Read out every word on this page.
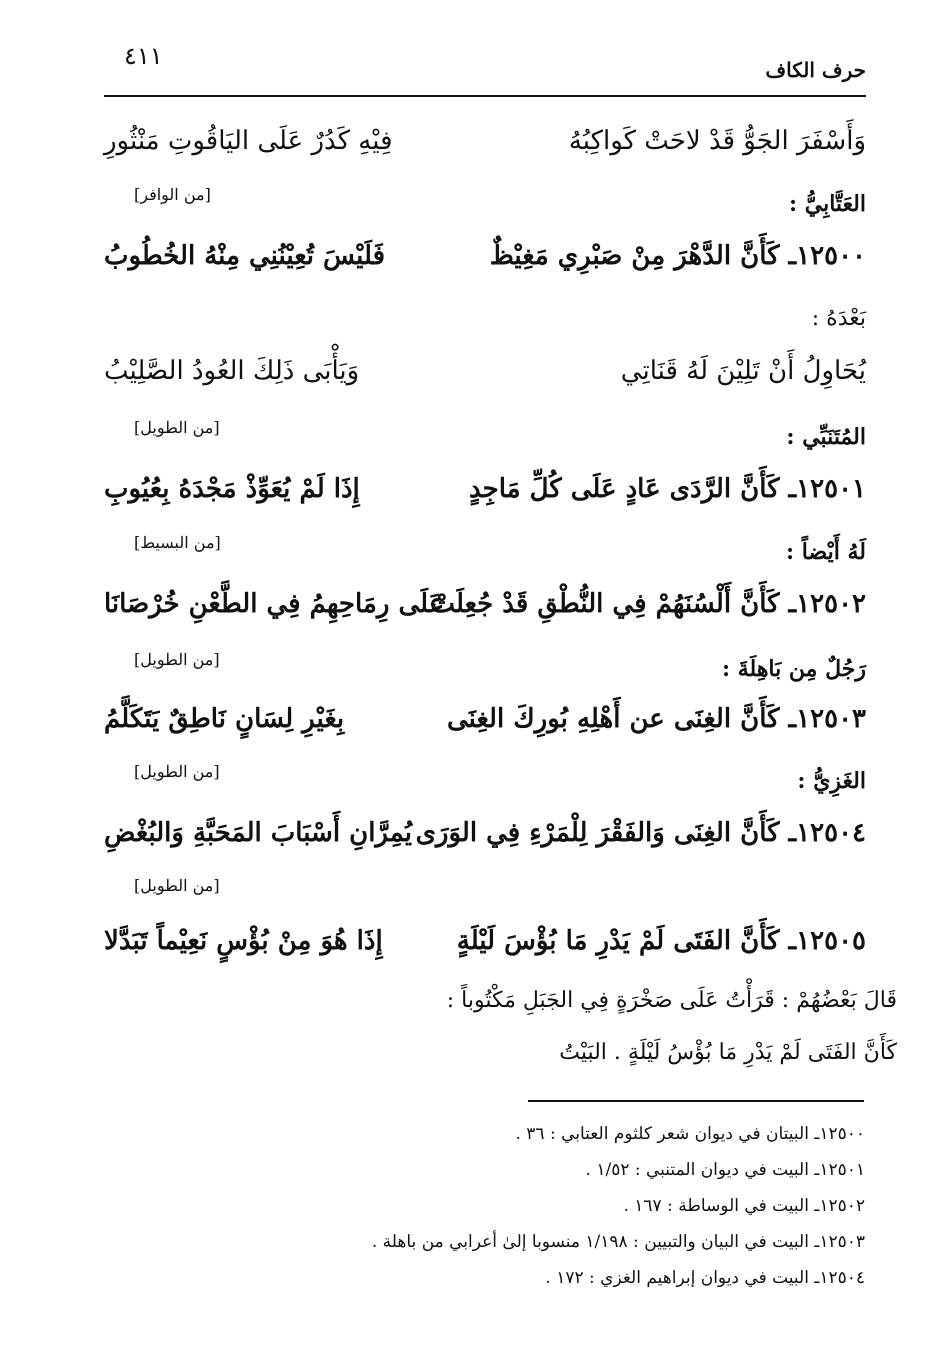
٤١١	حرف الكاف
وَأَسْفَرَ الجَوُّ قَدْ لاحَتْ كَواكِبُهُ
فِيْهِ كَدُرٌ عَلَى اليَاقُوتِ مَنْثُورِ
العَتَّابِيُّ :
[من الوافر]
١٢٥٠٠ـ كَأَنَّ الدَّهْرَ مِنْ صَبْرِي مَغِيْظٌ
فَلَيْسَ تُعِيْنُنِي مِنْهُ الخُطُوبُ
بَعْدَهُ :
يُحَاوِلُ أَنْ تَلِيْنَ لَهُ قَنَاتِي
وَيَأْبَى ذَلِكَ العُودُ الصَّلِيْبُ
المُتَنَبِّي :
[من الطويل]
١٢٥٠١ـ كَأَنَّ الرَّدَى عَادٍ عَلَى كُلِّ مَاجِدٍ
إِذَا لَمْ يُعَوِّذْ مَجْدَهُ بِعُيُوبِ
لَهُ أَيْضاً :
[من البسيط]
١٢٥٠٢ـ كَأَنَّ أَلْسُنَهُمْ فِي النُّطْقِ قَدْ جُعِلَتْ
عَلَى رِمَاحِهِمُ فِي الطَّعْنِ خُرْصَانَا
رَجُلٌ مِن بَاهِلَةَ :
[من الطويل]
١٢٥٠٣ـ كَأَنَّ الغِنَى عن أَهْلِهِ بُورِكَ الغِنَى
بِغَيْرِ لِسَانٍ نَاطِقٌ يَتَكَلَّمُ
الغَزِيُّ :
[من الطويل]
١٢٥٠٤ـ كَأَنَّ الغِنَى وَالفَقْرَ لِلْمَرْءِ فِي الوَرَى
يُمِرَّانِ أَسْبَابَ المَحَبَّةِ وَالبُغْضِ
[من الطويل]
١٢٥٠٥ـ كَأَنَّ الفَتَى لَمْ يَدْرِ مَا بُؤْسَ لَيْلَةٍ
إِذَا هُوَ مِنْ بُؤْسٍ نَعِيْماً تَبَدَّلا
قَالَ بَعْضُهُمْ : قَرَأْتُ عَلَى صَخْرَةٍ فِي الجَبَلِ مَكْتُوباً :
كَأَنَّ الفَتَى لَمْ يَدْرِ مَا بُؤْسُ لَيْلَةٍ . البَيْتُ
١٢٥٠٠ـ البيتان في ديوان شعر كلثوم العتابي : ٣٦ .
١٢٥٠١ـ البيت في ديوان المتنبي : ١/٥٢ .
١٢٥٠٢ـ البيت في الوساطة : ١٦٧ .
١٢٥٠٣ـ البيت في البيان والتبيين : ١/١٩٨ منسوبا إلىٰ أعرابي من باهلة .
١٢٥٠٤ـ البيت في ديوان إبراهيم الغزي : ١٧٢ .
